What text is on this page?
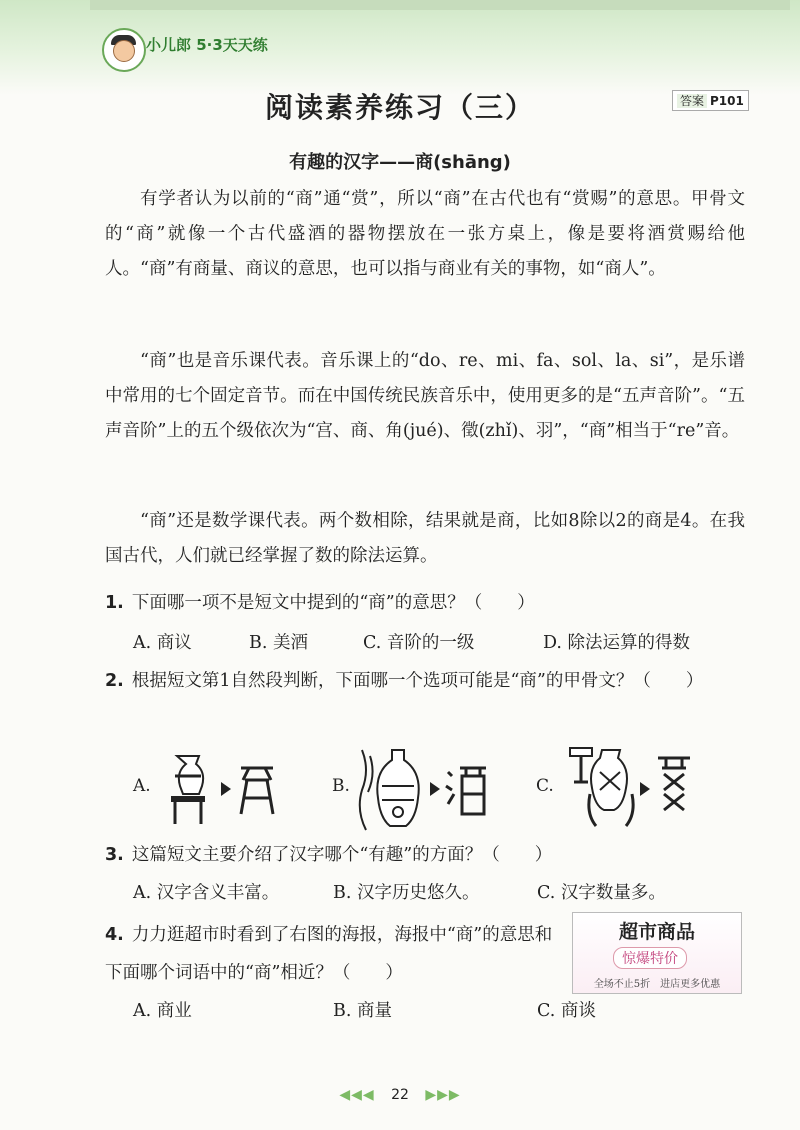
小儿郎 5·3天天练
阅读素养练习（三）	答案 P101
有趣的汉字——商(shāng)
有学者认为以前的“商”通“赏”，所以“商”在古代也有“赏赐”的意思。甲骨文的“商”就像一个古代盛酒的器物摆放在一张方桌上，像是要将酒赏赐给他人。“商”有商量、商议的意思，也可以指与商业有关的事物，如“商人”。
“商”也是音乐课代表。音乐课上的“do、re、mi、fa、sol、la、si”，是乐谱中常用的七个固定音节。而在中国传统民族音乐中，使用更多的是“五声音阶”。“五声音阶”上的五个级依次为“宫、商、角(jué)、徵(zhǐ)、羽”，“商”相当于“re”音。
“商”还是数学课代表。两个数相除，结果就是商，比如8除以2的商是4。在我国古代，人们就已经掌握了数的除法运算。
1. 下面哪一项不是短文中提到的“商”的意思？（　　）
A. 商议	B. 美酒	C. 音阶的一级	D. 除法运算的得数
2. 根据短文第1自然段判断，下面哪一个选项可能是“商”的甲骨文？（　　）
A.	B.	C.
3. 这篇短文主要介绍了汉字哪个“有趣”的方面？（　　）
A. 汉字含义丰富。	B. 汉字历史悠久。	C. 汉字数量多。
4. 力力逛超市时看到了右图的海报，海报中“商”的意思和下面哪个词语中的“商”相近？（　　）
超市商品
惊爆特价
全场不止5折　进店更多优惠
A. 商业	B. 商量	C. 商谈
◀◀◀ 22 ▶▶▶
